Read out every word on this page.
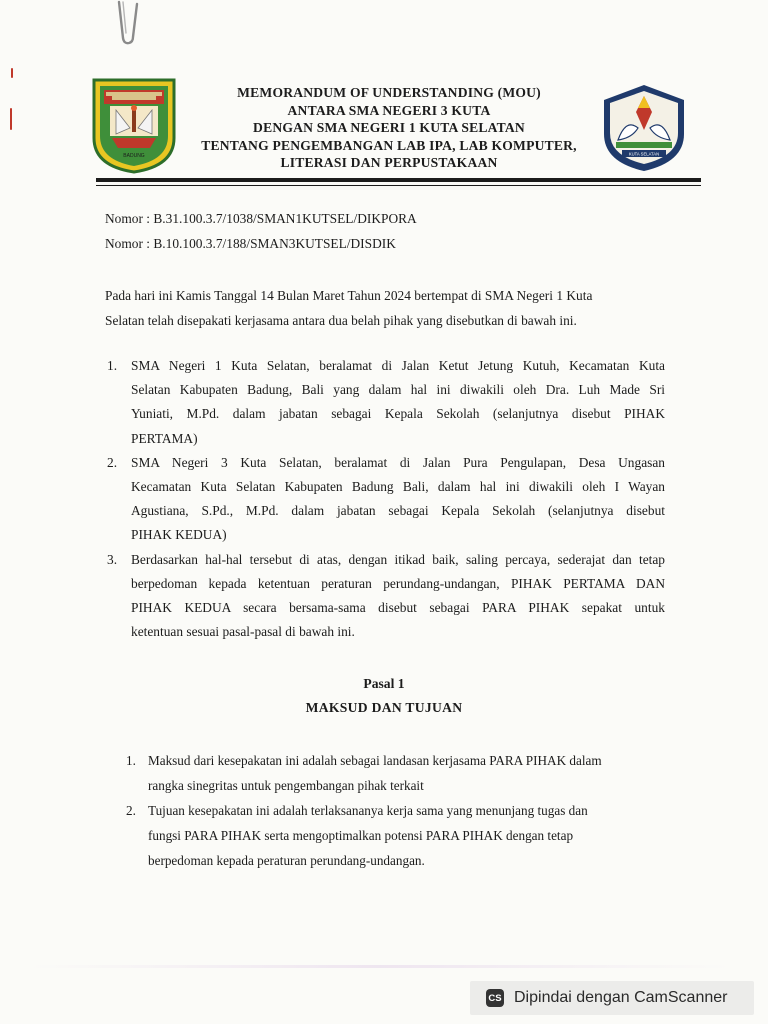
BADUNG
MEMORANDUM OF UNDERSTANDING (MOU)
ANTARA SMA NEGERI 3 KUTA
DENGAN SMA NEGERI 1 KUTA SELATAN
TENTANG PENGEMBANGAN LAB IPA, LAB KOMPUTER,
LITERASI DAN PERPUSTAKAAN
KUTA SELATAN
Nomor : B.31.100.3.7/1038/SMAN1KUTSEL/DIKPORA
Nomor : B.10.100.3.7/188/SMAN3KUTSEL/DISDIK
Pada hari ini Kamis Tanggal 14 Bulan Maret Tahun 2024 bertempat di SMA Negeri 1 Kuta
Selatan telah disepakati kerjasama antara dua belah pihak yang disebutkan di bawah ini.
1. SMA Negeri 1 Kuta Selatan, beralamat di Jalan Ketut Jetung Kutuh, Kecamatan Kuta
Selatan Kabupaten Badung, Bali yang dalam hal ini diwakili oleh Dra. Luh Made Sri
Yuniati, M.Pd. dalam jabatan sebagai Kepala Sekolah (selanjutnya disebut PIHAK
PERTAMA)
2. SMA Negeri 3 Kuta Selatan, beralamat di Jalan Pura Pengulapan, Desa Ungasan
Kecamatan Kuta Selatan Kabupaten Badung Bali, dalam hal ini diwakili oleh I Wayan
Agustiana, S.Pd., M.Pd. dalam jabatan sebagai Kepala Sekolah (selanjutnya disebut
PIHAK KEDUA)
3. Berdasarkan hal-hal tersebut di atas, dengan itikad baik, saling percaya, sederajat dan tetap
berpedoman kepada ketentuan peraturan perundang-undangan, PIHAK PERTAMA DAN
PIHAK KEDUA secara bersama-sama disebut sebagai PARA PIHAK sepakat untuk
ketentuan sesuai pasal-pasal di bawah ini.
Pasal 1
MAKSUD DAN TUJUAN
1. Maksud dari kesepakatan ini adalah sebagai landasan kerjasama PARA PIHAK dalam
rangka sinegritas untuk pengembangan pihak terkait
2. Tujuan kesepakatan ini adalah terlaksananya kerja sama yang menunjang tugas dan
fungsi PARA PIHAK serta mengoptimalkan potensi PARA PIHAK dengan tetap
berpedoman kepada peraturan perundang-undangan.
CS Dipindai dengan CamScanner
